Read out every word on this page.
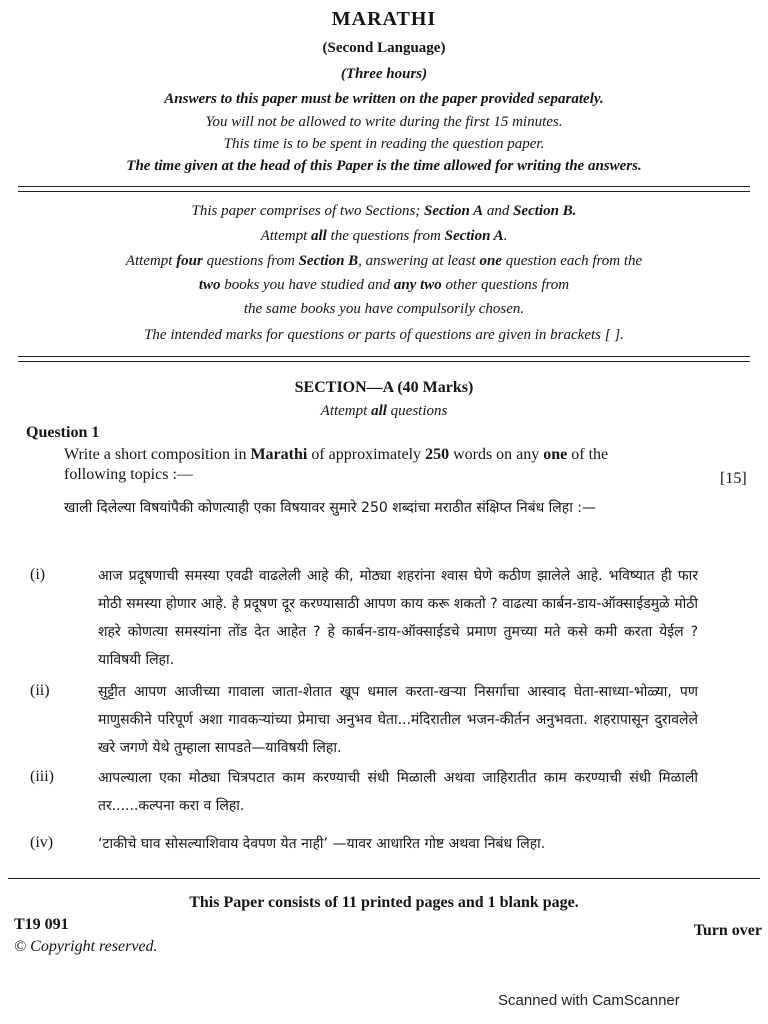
MARATHI
(Second Language)
(Three hours)
Answers to this paper must be written on the paper provided separately.
You will not be allowed to write during the first 15 minutes.
This time is to be spent in reading the question paper.
The time given at the head of this Paper is the time allowed for writing the answers.
This paper comprises of two Sections; Section A and Section B.
Attempt all the questions from Section A.
Attempt four questions from Section B, answering at least one question each from the
two books you have studied and any two other questions from
the same books you have compulsorily chosen.
The intended marks for questions or parts of questions are given in brackets [ ].
SECTION—A (40 Marks)
Attempt all questions
Question 1
Write a short composition in Marathi of approximately 250 words on any one of the
following topics :—	[15]
खाली दिलेल्या विषयांपैकी कोणत्याही एका विषयावर सुमारे 250 शब्दांचा मराठीत संक्षिप्त निबंध लिहा :—
(i)	आज प्रदूषणाची समस्या एवढी वाढलेली आहे की, मोठ्या शहरांना श्वास घेणे कठीण झालेले आहे. भविष्यात ही फार मोठी समस्या होणार आहे. हे प्रदूषण दूर करण्यासाठी आपण काय करू शकतो ? वाढत्या कार्बन-डाय-ऑक्साईडमुळे मोठी शहरे कोणत्या समस्यांना तोंड देत आहेत ? हे कार्बन-डाय-ऑक्साईडचे प्रमाण तुमच्या मते कसे कमी करता येईल ? याविषयी लिहा.
(ii)	सुट्टीत आपण आजीच्या गावाला जाता-शेतात खूप धमाल करता-खऱ्या निसर्गाचा आस्वाद घेता-साध्या-भोळ्या, पण माणुसकीने परिपूर्ण अशा गावकऱ्यांच्या प्रेमाचा अनुभव घेता...मंदिरातील भजन-कीर्तन अनुभवता. शहरापासून दुरावलेले खरे जगणे येथे तुम्हाला सापडते—याविषयी लिहा.
(iii)	आपल्याला एका मोठ्या चित्रपटात काम करण्याची संधी मिळाली अथवा जाहिरातीत काम करण्याची संधी मिळाली तर......कल्पना करा व लिहा.
(iv)	‘टाकीचे घाव सोसल्याशिवाय देवपण येत नाही’ —यावर आधारित गोष्ट अथवा निबंध लिहा.
This Paper consists of 11 printed pages and 1 blank page.
T19 091	Turn over
© Copyright reserved.
Scanned with CamScanner
